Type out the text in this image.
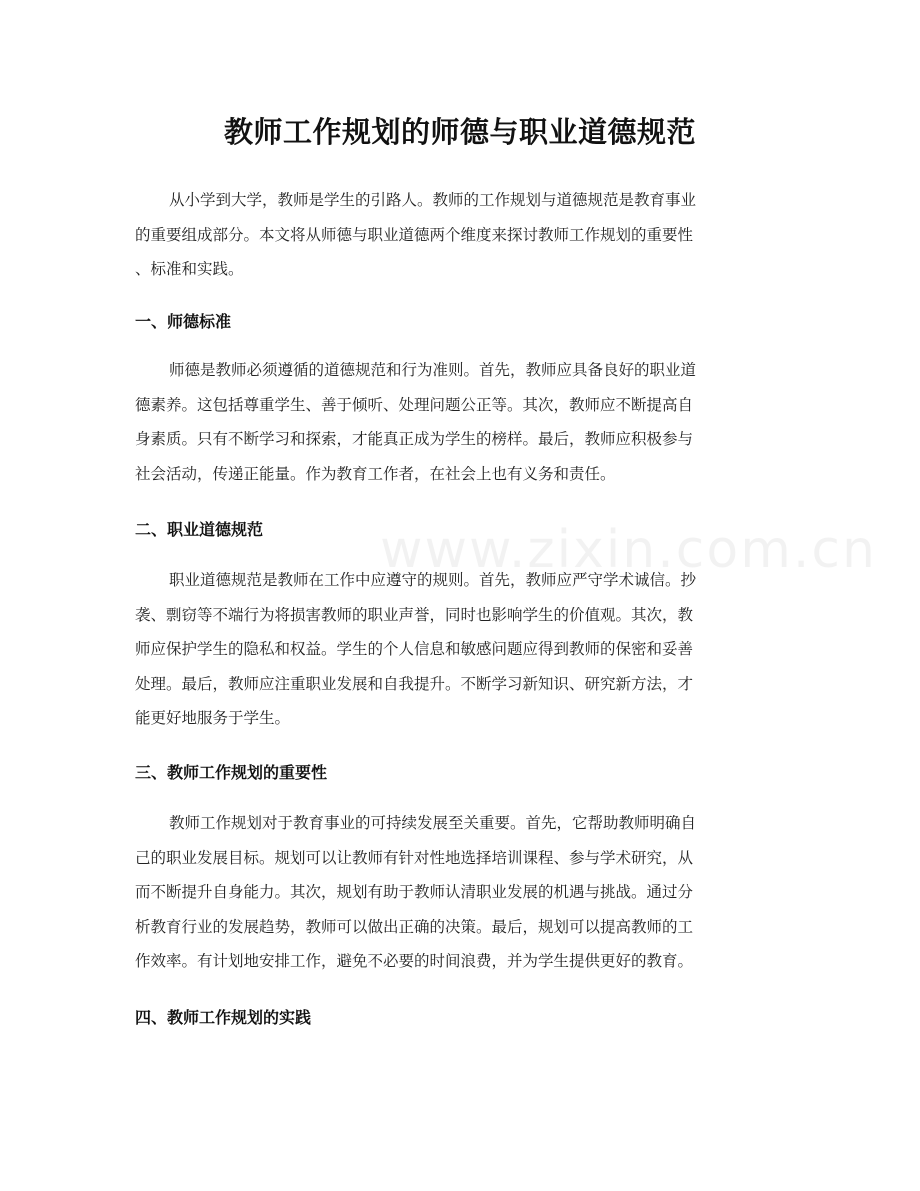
www.zixin.com.cn
教师工作规划的师德与职业道德规范

从小学到大学，教师是学生的引路人。教师的工作规划与道德规范是教育事业
的重要组成部分。本文将从师德与职业道德两个维度来探讨教师工作规划的重要性
、标准和实践。

一、师德标准

师德是教师必须遵循的道德规范和行为准则。首先，教师应具备良好的职业道
德素养。这包括尊重学生、善于倾听、处理问题公正等。其次，教师应不断提高自
身素质。只有不断学习和探索，才能真正成为学生的榜样。最后，教师应积极参与
社会活动，传递正能量。作为教育工作者，在社会上也有义务和责任。

二、职业道德规范

职业道德规范是教师在工作中应遵守的规则。首先，教师应严守学术诚信。抄
袭、剽窃等不端行为将损害教师的职业声誉，同时也影响学生的价值观。其次，教
师应保护学生的隐私和权益。学生的个人信息和敏感问题应得到教师的保密和妥善
处理。最后，教师应注重职业发展和自我提升。不断学习新知识、研究新方法，才
能更好地服务于学生。

三、教师工作规划的重要性

教师工作规划对于教育事业的可持续发展至关重要。首先，它帮助教师明确自
己的职业发展目标。规划可以让教师有针对性地选择培训课程、参与学术研究，从
而不断提升自身能力。其次，规划有助于教师认清职业发展的机遇与挑战。通过分
析教育行业的发展趋势，教师可以做出正确的决策。最后，规划可以提高教师的工
作效率。有计划地安排工作，避免不必要的时间浪费，并为学生提供更好的教育。

四、教师工作规划的实践
